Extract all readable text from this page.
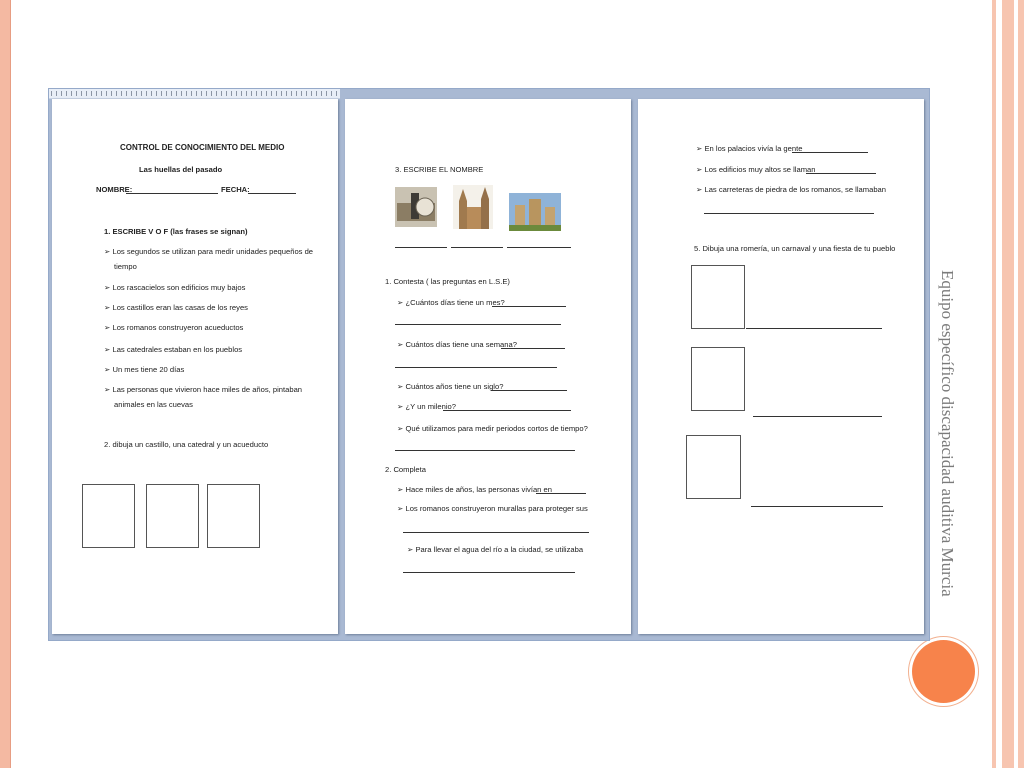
Equipo específico discapacidad auditiva Murcia
CONTROL DE CONOCIMIENTO DEL MEDIO
Las huellas del pasado
NOMBRE:	FECHA:
1. ESCRIBE V O F (las frases se signan)
➢ Los segundos se utilizan para medir unidades pequeños de
tiempo
➢ Los rascacielos son edificios muy bajos
➢ Los castillos eran las casas de los reyes
➢ Los romanos construyeron acueductos
➢ Las catedrales estaban en los pueblos
➢ Un mes tiene 20 días
➢ Las personas que vivieron hace miles de años, pintaban
animales en las cuevas
2. dibuja un castillo, una catedral y un acueducto
3. ESCRIBE EL NOMBRE
1. Contesta ( las preguntas en L.S.E)
➢ ¿Cuántos días tiene un mes?
➢ Cuántos días tiene una semana?
➢ Cuántos años tiene un siglo?
➢ ¿Y un milenio?
➢ Qué utilizamos para medir periodos cortos de tiempo?
2. Completa
➢ Hace miles de años, las personas vivían en
➢ Los romanos construyeron murallas para proteger sus
➢ Para llevar el agua del río a la ciudad, se utilizaba
➢ En los palacios vivía la gente
➢ Los edificios muy altos se llaman
➢ Las carreteras de piedra de los romanos, se llamaban
5. Dibuja una romería, un carnaval y una fiesta de tu pueblo
